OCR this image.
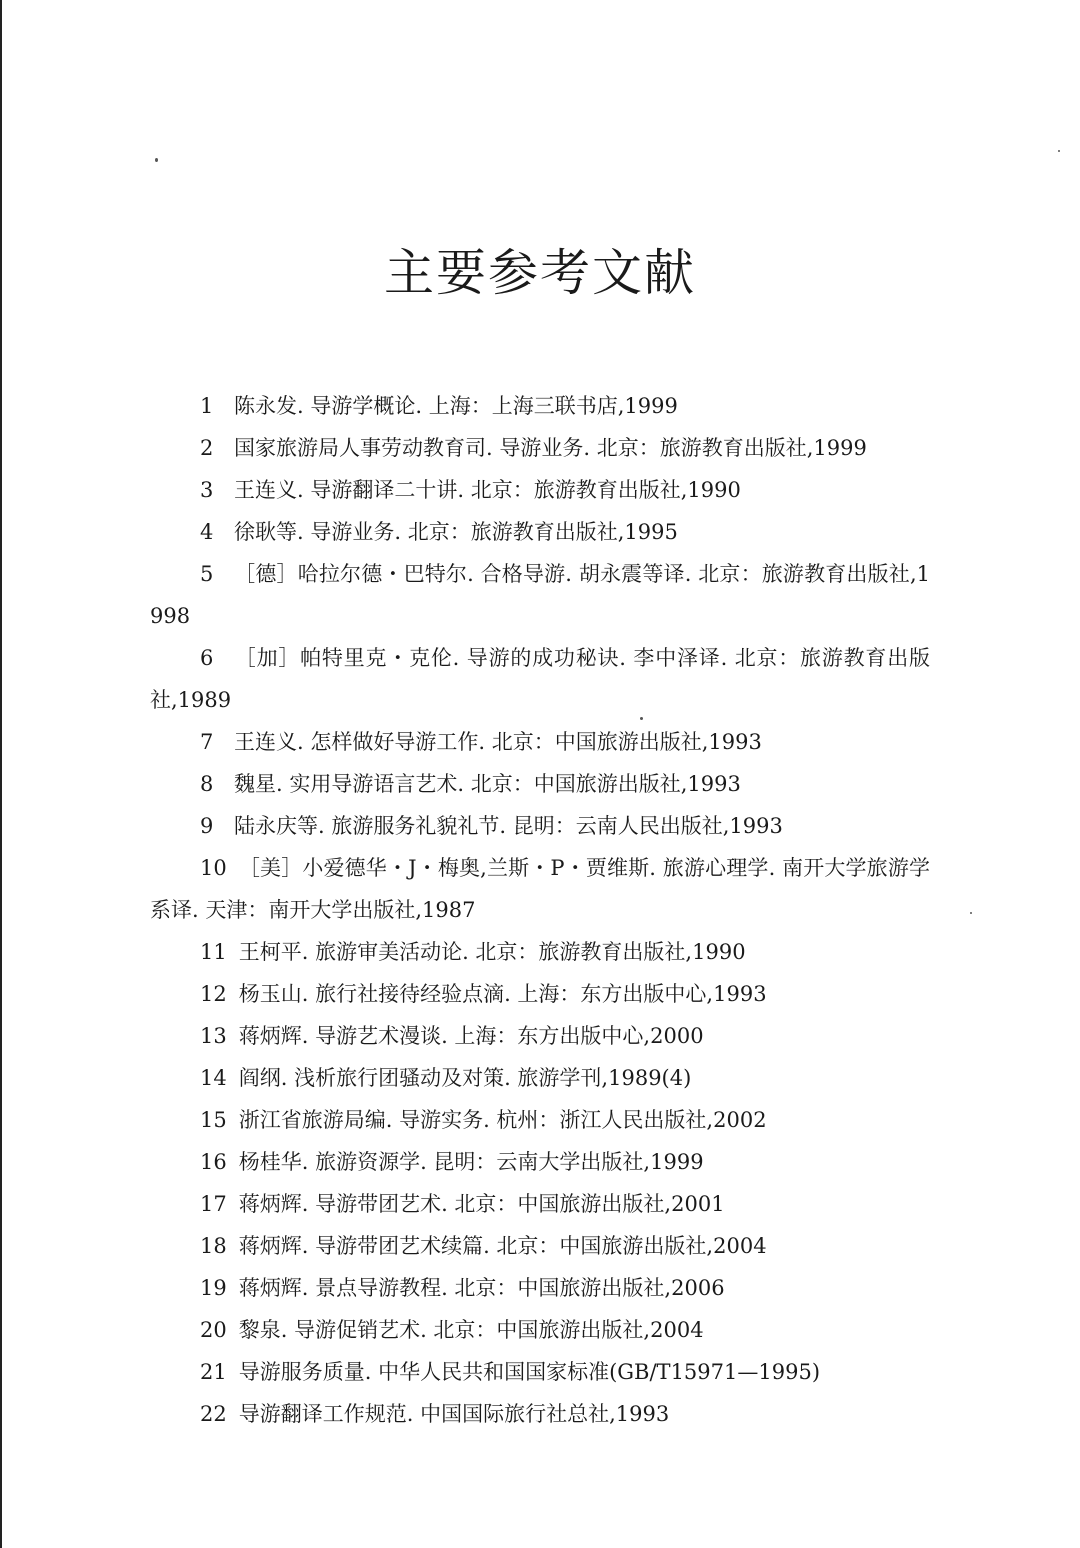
主要参考文献
1 陈永发. 导游学概论. 上海：上海三联书店,1999
2 国家旅游局人事劳动教育司. 导游业务. 北京：旅游教育出版社,1999
3 王连义. 导游翻译二十讲. 北京：旅游教育出版社,1990
4 徐耿等. 导游业务. 北京：旅游教育出版社,1995
5 ［德］哈拉尔德・巴特尔. 合格导游. 胡永震等译. 北京：旅游教育出版社,1998
6 ［加］帕特里克・克伦. 导游的成功秘诀. 李中泽译. 北京：旅游教育出版社,1989
7 王连义. 怎样做好导游工作. 北京：中国旅游出版社,1993
8 魏星. 实用导游语言艺术. 北京：中国旅游出版社,1993
9 陆永庆等. 旅游服务礼貌礼节. 昆明：云南人民出版社,1993
10 ［美］小爱德华・J・梅奥,兰斯・P・贾维斯. 旅游心理学. 南开大学旅游学系译. 天津：南开大学出版社,1987
11 王柯平. 旅游审美活动论. 北京：旅游教育出版社,1990
12 杨玉山. 旅行社接待经验点滴. 上海：东方出版中心,1993
13 蒋炳辉. 导游艺术漫谈. 上海：东方出版中心,2000
14 阎纲. 浅析旅行团骚动及对策. 旅游学刊,1989(4)
15 浙江省旅游局编. 导游实务. 杭州：浙江人民出版社,2002
16 杨桂华. 旅游资源学. 昆明：云南大学出版社,1999
17 蒋炳辉. 导游带团艺术. 北京：中国旅游出版社,2001
18 蒋炳辉. 导游带团艺术续篇. 北京：中国旅游出版社,2004
19 蒋炳辉. 景点导游教程. 北京：中国旅游出版社,2006
20 黎泉. 导游促销艺术. 北京：中国旅游出版社,2004
21 导游服务质量. 中华人民共和国国家标准(GB/T15971—1995)
22 导游翻译工作规范. 中国国际旅行社总社,1993
